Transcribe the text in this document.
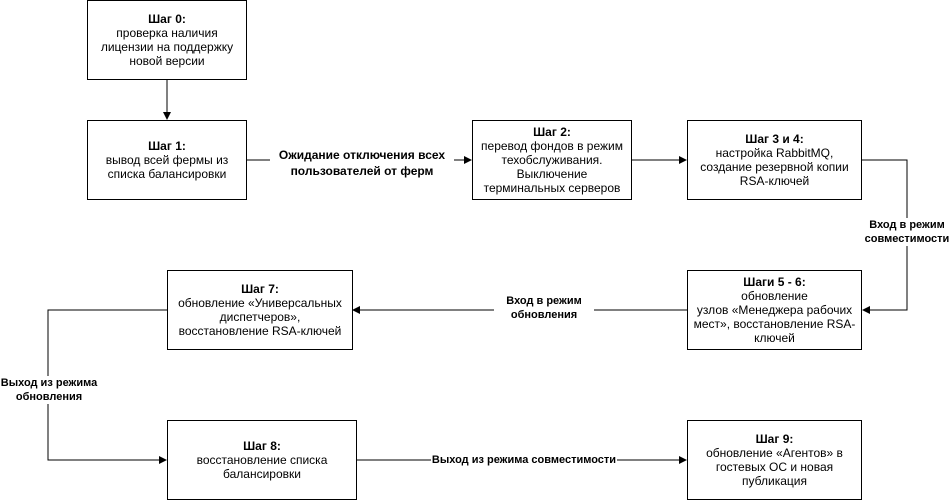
Шаг 0:
проверка наличия
лицензии на поддержку
новой версии
Шаг 1:
вывод всей фермы из
списка балансировки
Шаг 2:
перевод фондов в режим
техобслуживания.
Выключение
терминальных серверов
Шаг 3 и 4:
настройка RabbitMQ,
создание резервной копии
RSA-ключей
Шаги 5 - 6:
обновление
узлов «Менеджера рабочих
мест», восстановление RSA-
ключей
Шаг 7:
обновление «Универсальных
диспетчеров»,
восстановление RSA-ключей
Шаг 8:
восстановление списка
балансировки
Шаг 9:
обновление «Агентов» в
гостевых ОС и новая
публикация
Ожидание отключения всех
пользователей от ферм
Вход в режим
совместимости
Вход в режим
обновления
Выход из режима
обновления
Выход из режима совместимости
